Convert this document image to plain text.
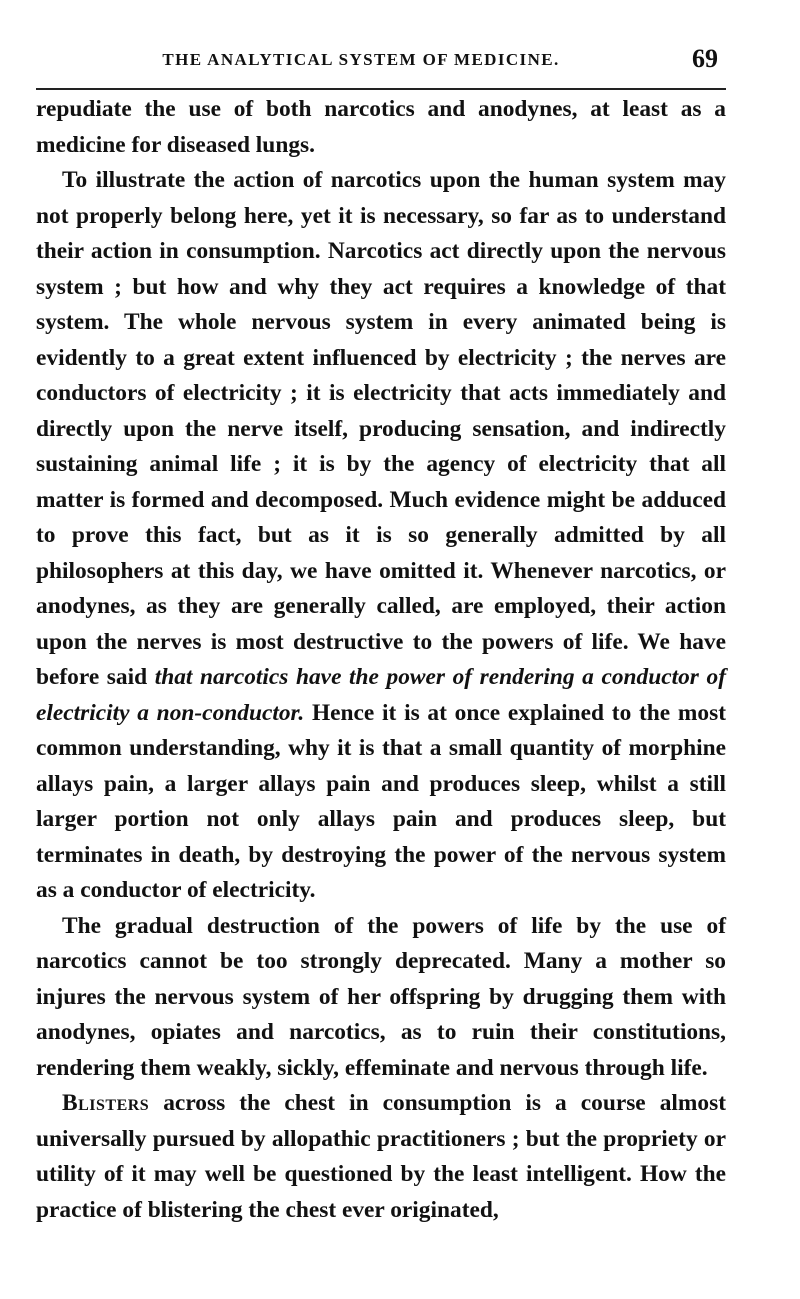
THE ANALYTICAL SYSTEM OF MEDICINE.	69

repudiate the use of both narcotics and anodynes, at least as a medicine for diseased lungs.

To illustrate the action of narcotics upon the human system may not properly belong here, yet it is necessary, so far as to understand their action in consumption. Narcotics act directly upon the nervous system ; but how and why they act requires a knowledge of that system. The whole nervous system in every animated being is evidently to a great extent influenced by electricity ; the nerves are conductors of electricity ; it is electricity that acts immediately and directly upon the nerve itself, producing sensation, and indirectly sustaining animal life ; it is by the agency of electricity that all matter is formed and decomposed. Much evidence might be adduced to prove this fact, but as it is so generally admitted by all philosophers at this day, we have omitted it. Whenever narcotics, or anodynes, as they are generally called, are employed, their action upon the nerves is most destructive to the powers of life. We have before said that narcotics have the power of rendering a conductor of electricity a non-conductor. Hence it is at once explained to the most common understanding, why it is that a small quantity of morphine allays pain, a larger allays pain and produces sleep, whilst a still larger portion not only allays pain and produces sleep, but terminates in death, by destroying the power of the nervous system as a conductor of electricity.

The gradual destruction of the powers of life by the use of narcotics cannot be too strongly deprecated. Many a mother so injures the nervous system of her offspring by drugging them with anodynes, opiates and narcotics, as to ruin their constitutions, rendering them weakly, sickly, effeminate and nervous through life.

Blisters across the chest in consumption is a course almost universally pursued by allopathic practitioners ; but the propriety or utility of it may well be questioned by the least intelligent. How the practice of blistering the chest ever originated,
